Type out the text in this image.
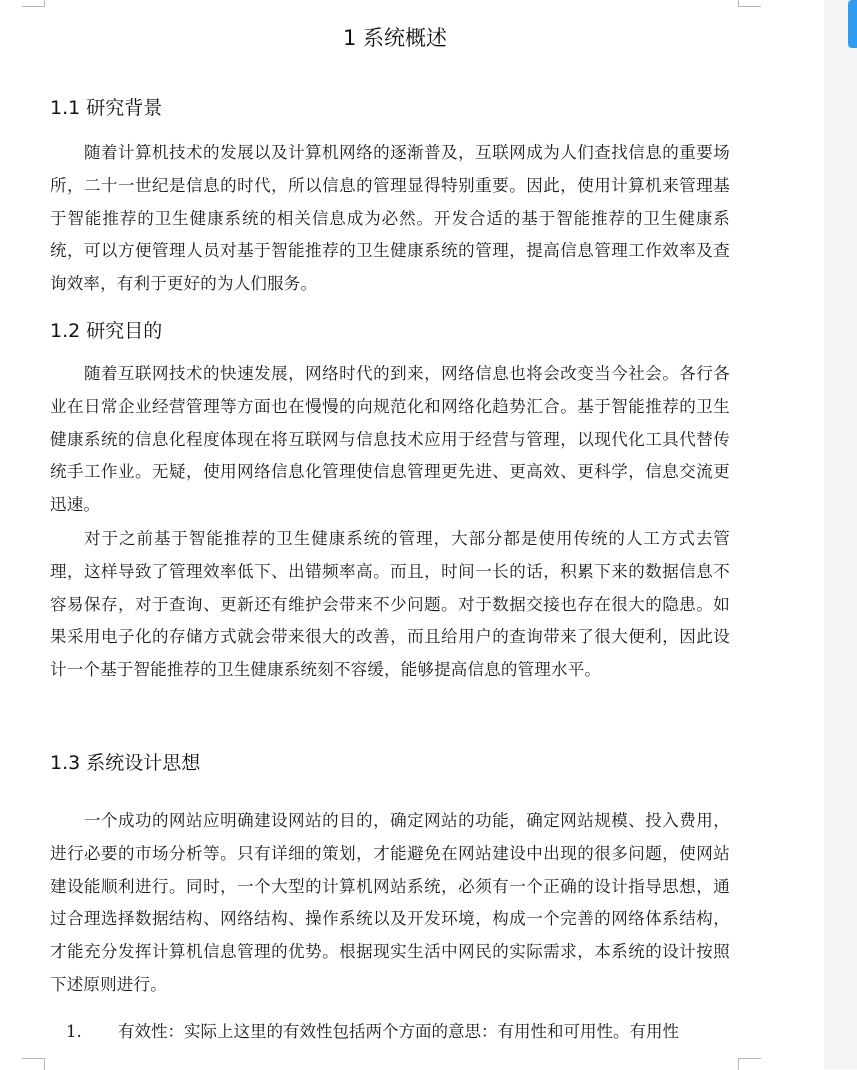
1 系统概述
1.1 研究背景

随着计算机技术的发展以及计算机网络的逐渐普及，互联网成为人们查找信息的重要场所，二十一世纪是信息的时代，所以信息的管理显得特别重要。因此，使用计算机来管理基于智能推荐的卫生健康系统的相关信息成为必然。开发合适的基于智能推荐的卫生健康系统，可以方便管理人员对基于智能推荐的卫生健康系统的管理，提高信息管理工作效率及查询效率，有利于更好的为人们服务。

1.2 研究目的

随着互联网技术的快速发展，网络时代的到来，网络信息也将会改变当今社会。各行各业在日常企业经营管理等方面也在慢慢的向规范化和网络化趋势汇合。基于智能推荐的卫生健康系统的信息化程度体现在将互联网与信息技术应用于经营与管理，以现代化工具代替传统手工作业。无疑，使用网络信息化管理使信息管理更先进、更高效、更科学，信息交流更迅速。

对于之前基于智能推荐的卫生健康系统的管理，大部分都是使用传统的人工方式去管理，这样导致了管理效率低下、出错频率高。而且，时间一长的话，积累下来的数据信息不容易保存，对于查询、更新还有维护会带来不少问题。对于数据交接也存在很大的隐患。如果采用电子化的存储方式就会带来很大的改善，而且给用户的查询带来了很大便利，因此设计一个基于智能推荐的卫生健康系统刻不容缓，能够提高信息的管理水平。

1.3 系统设计思想

一个成功的网站应明确建设网站的目的，确定网站的功能，确定网站规模、投入费用，进行必要的市场分析等。只有详细的策划，才能避免在网站建设中出现的很多问题，使网站建设能顺利进行。同时，一个大型的计算机网站系统，必须有一个正确的设计指导思想，通过合理选择数据结构、网络结构、操作系统以及开发环境，构成一个完善的网络体系结构，才能充分发挥计算机信息管理的优势。根据现实生活中网民的实际需求，本系统的设计按照下述原则进行。

1. 有效性：实际上这里的有效性包括两个方面的意思：有用性和可用性。有用性
